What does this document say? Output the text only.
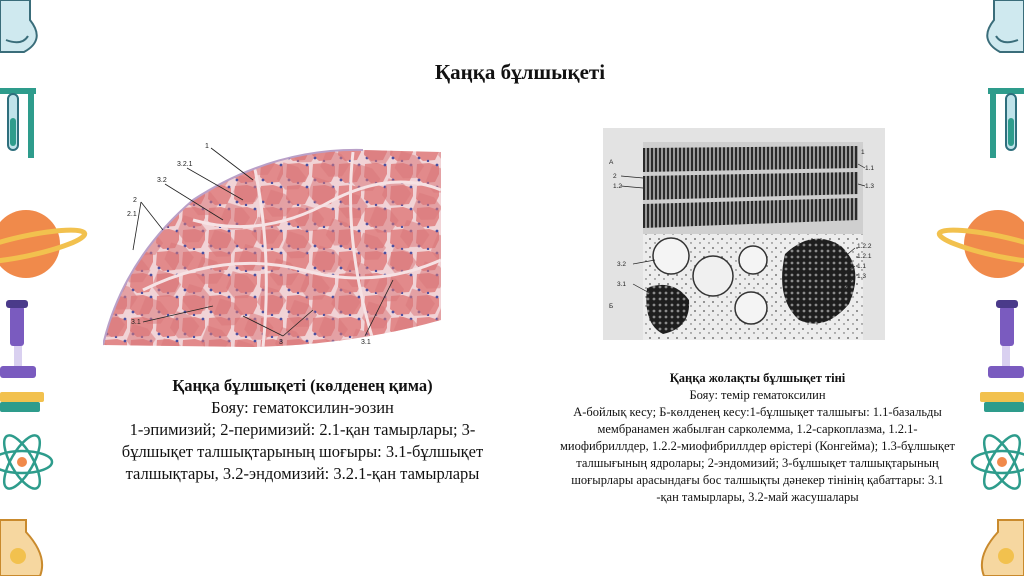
Қаңқа бұлшықеті
1
3.2.1
3.2
2
2.1
3
3.1
3.1
А
Б
1
1.1
2
1.2	1.3
1.2.2
1.2.1
1.1
1.3
3.2
3.1
Қаңқа бұлшықеті (көлденең қима)
Бояу: гематоксилин-эозин
1-эпимизий; 2-перимизий: 2.1-қан тамырлары; 3-бұлшықет талшықтарының шоғыры: 3.1-бұлшықет талшықтары, 3.2-эндомизий: 3.2.1-қан тамырлары
Қаңқа жолақты бұлшықет тіні
Бояу: темір гематоксилин
А-бойлық кесу; Б-көлденең кесу:1-бұлшықет талшығы: 1.1-базальды мембранамен жабылған сарколемма, 1.2-саркоплазма, 1.2.1-миофибриллдер, 1.2.2-миофибриллдер өрістері (Конгейма); 1.3-бұлшықет талшығының ядролары; 2-эндомизий; 3-бұлшықет талшықтарының шоғырлары арасындағы бос талшықты дәнекер тінінің қабаттары: 3.1 -қан тамырлары, 3.2-май жасушалары
